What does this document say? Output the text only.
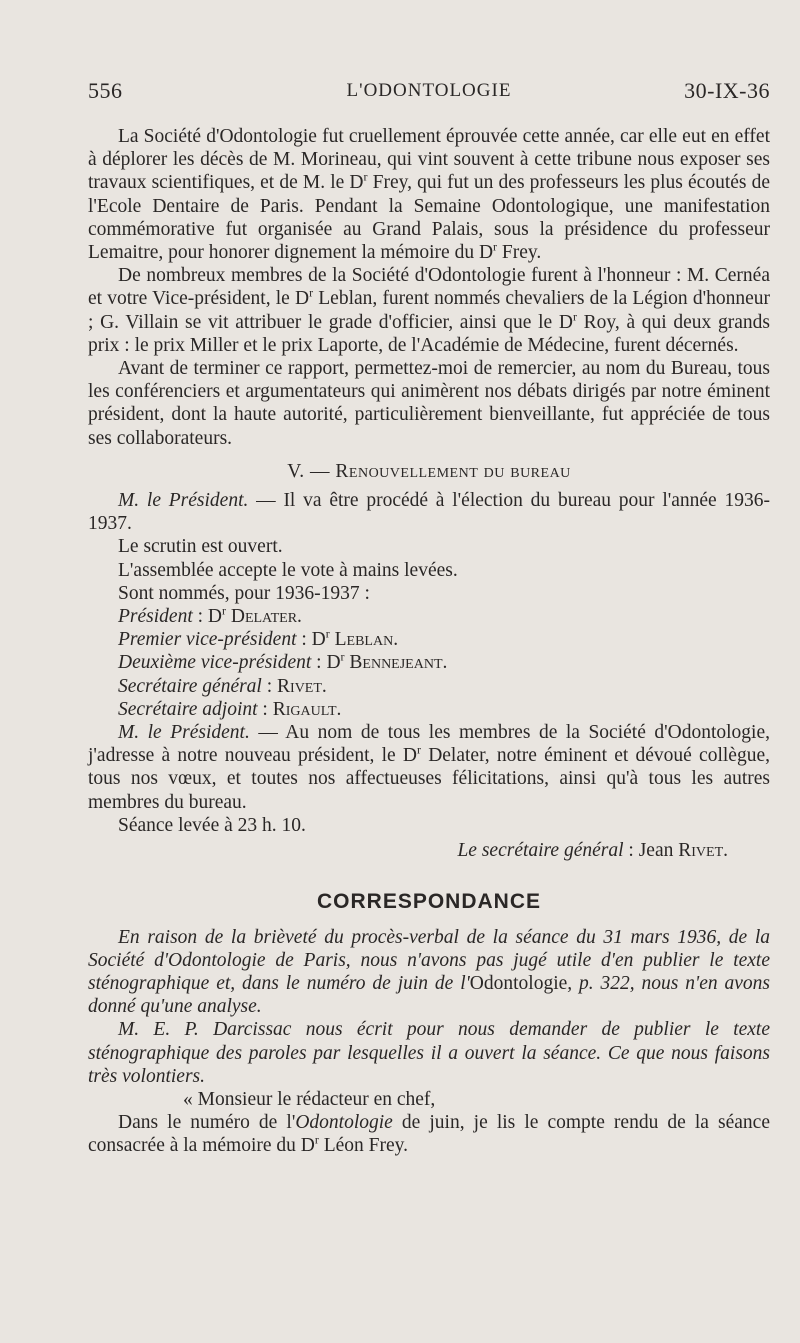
556	L'ODONTOLOGIE	30-IX-36

La Société d'Odontologie fut cruellement éprouvée cette année, car elle eut en effet à déplorer les décès de M. Morineau, qui vint souvent à cette tribune nous exposer ses travaux scientifiques, et de M. le $D^r$ Frey, qui fut un des professeurs les plus écoutés de l'Ecole Dentaire de Paris. Pendant la Semaine Odontologique, une manifestation commémorative fut organisée au Grand Palais, sous la présidence du professeur Lemaitre, pour honorer dignement la mémoire du $D^r$ Frey.

De nombreux membres de la Société d'Odontologie furent à l'honneur : M. Cernéa et votre Vice-président, le $D^r$ Leblan, furent nommés chevaliers de la Légion d'honneur ; G. Villain se vit attribuer le grade d'officier, ainsi que le $D^r$ Roy, à qui deux grands prix : le prix Miller et le prix Laporte, de l'Académie de Médecine, furent décernés.

Avant de terminer ce rapport, permettez-moi de remercier, au nom du Bureau, tous les conférenciers et argumentateurs qui animèrent nos débats dirigés par notre éminent président, dont la haute autorité, particulièrement bienveillante, fut appréciée de tous ses collaborateurs.

V. — Renouvellement du bureau

M. le Président. — Il va être procédé à l'élection du bureau pour l'année 1936-1937.

Le scrutin est ouvert.

L'assemblée accepte le vote à mains levées.

Sont nommés, pour 1936-1937 :

Président : $D^r$ Delater.
Premier vice-président : $D^r$ Leblan.
Deuxième vice-président : $D^r$ Bennejeant.
Secrétaire général : Rivet.
Secrétaire adjoint : Rigault.

M. le Président. — Au nom de tous les membres de la Société d'Odontologie, j'adresse à notre nouveau président, le $D^r$ Delater, notre éminent et dévoué collègue, tous nos vœux, et toutes nos affectueuses félicitations, ainsi qu'à tous les autres membres du bureau.

Séance levée à 23 h. 10.

Le secrétaire général : Jean Rivet.

CORRESPONDANCE

En raison de la brièveté du procès-verbal de la séance du 31 mars 1936, de la Société d'Odontologie de Paris, nous n'avons pas jugé utile d'en publier le texte sténographique et, dans le numéro de juin de l'Odontologie, p. 322, nous n'en avons donné qu'une analyse.

M. E. P. Darcissac nous écrit pour nous demander de publier le texte sténographique des paroles par lesquelles il a ouvert la séance. Ce que nous faisons très volontiers.

« Monsieur le rédacteur en chef,

Dans le numéro de l'Odontologie de juin, je lis le compte rendu de la séance consacrée à la mémoire du $D^r$ Léon Frey.
